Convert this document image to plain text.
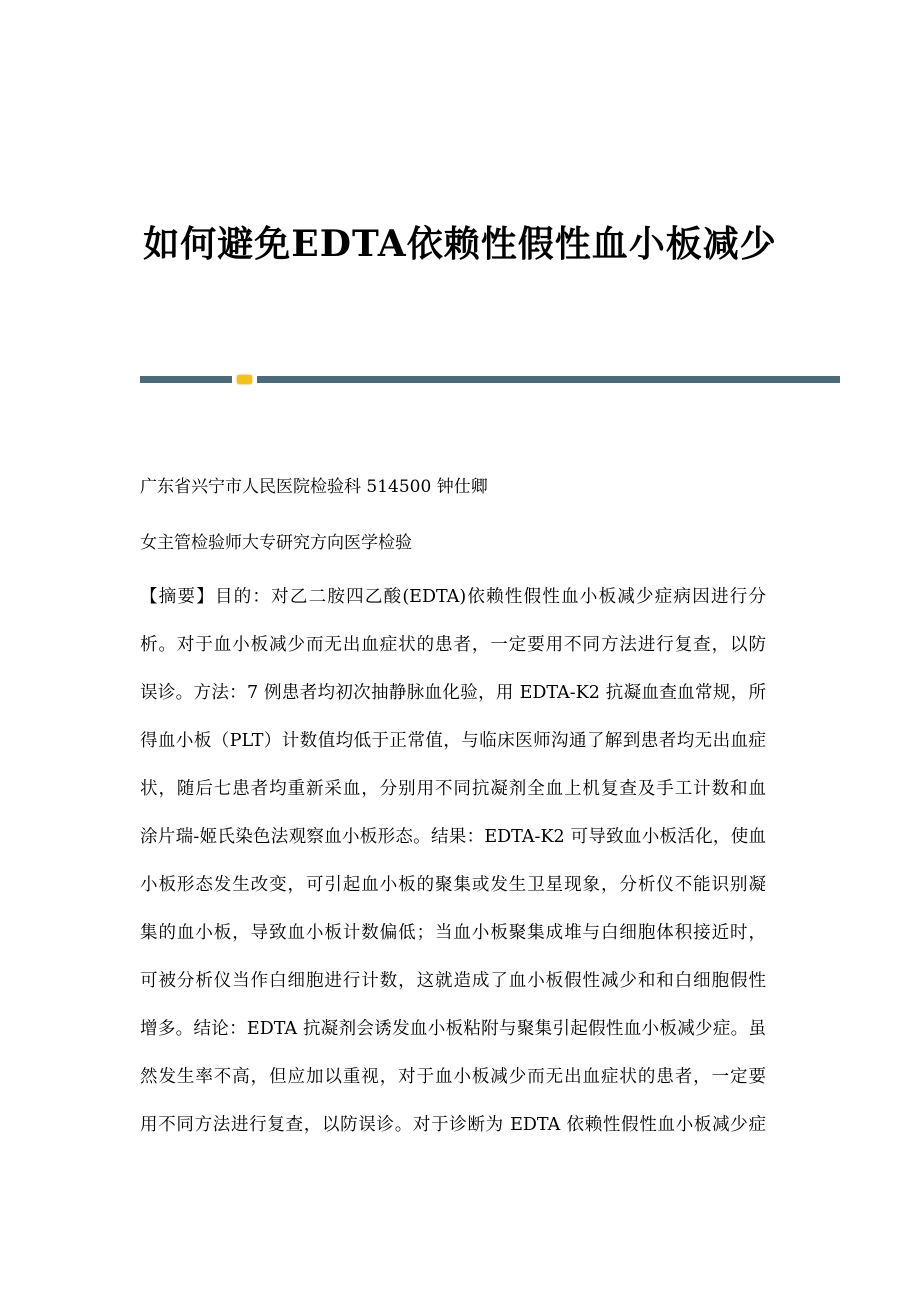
如何避免EDTA依赖性假性血小板减少
广东省兴宁市人民医院检验科 514500 钟仕卿
女主管检验师大专研究方向医学检验
【摘要】目的：对乙二胺四乙酸(EDTA)依赖性假性血小板减少症病因进行分
析。对于血小板减少而无出血症状的患者，一定要用不同方法进行复查，以防
误诊。方法：7 例患者均初次抽静脉血化验，用 EDTA-K2 抗凝血查血常规，所
得血小板（PLT）计数值均低于正常值，与临床医师沟通了解到患者均无出血症
状，随后七患者均重新采血，分别用不同抗凝剂全血上机复查及手工计数和血
涂片瑞-姬氏染色法观察血小板形态。结果：EDTA-K2 可导致血小板活化，使血
小板形态发生改变，可引起血小板的聚集或发生卫星现象，分析仪不能识别凝
集的血小板，导致血小板计数偏低；当血小板聚集成堆与白细胞体积接近时，
可被分析仪当作白细胞进行计数，这就造成了血小板假性减少和和白细胞假性
增多。结论：EDTA 抗凝剂会诱发血小板粘附与聚集引起假性血小板减少症。虽
然发生率不高，但应加以重视，对于血小板减少而无出血症状的患者，一定要
用不同方法进行复查，以防误诊。对于诊断为 EDTA 依赖性假性血小板减少症
